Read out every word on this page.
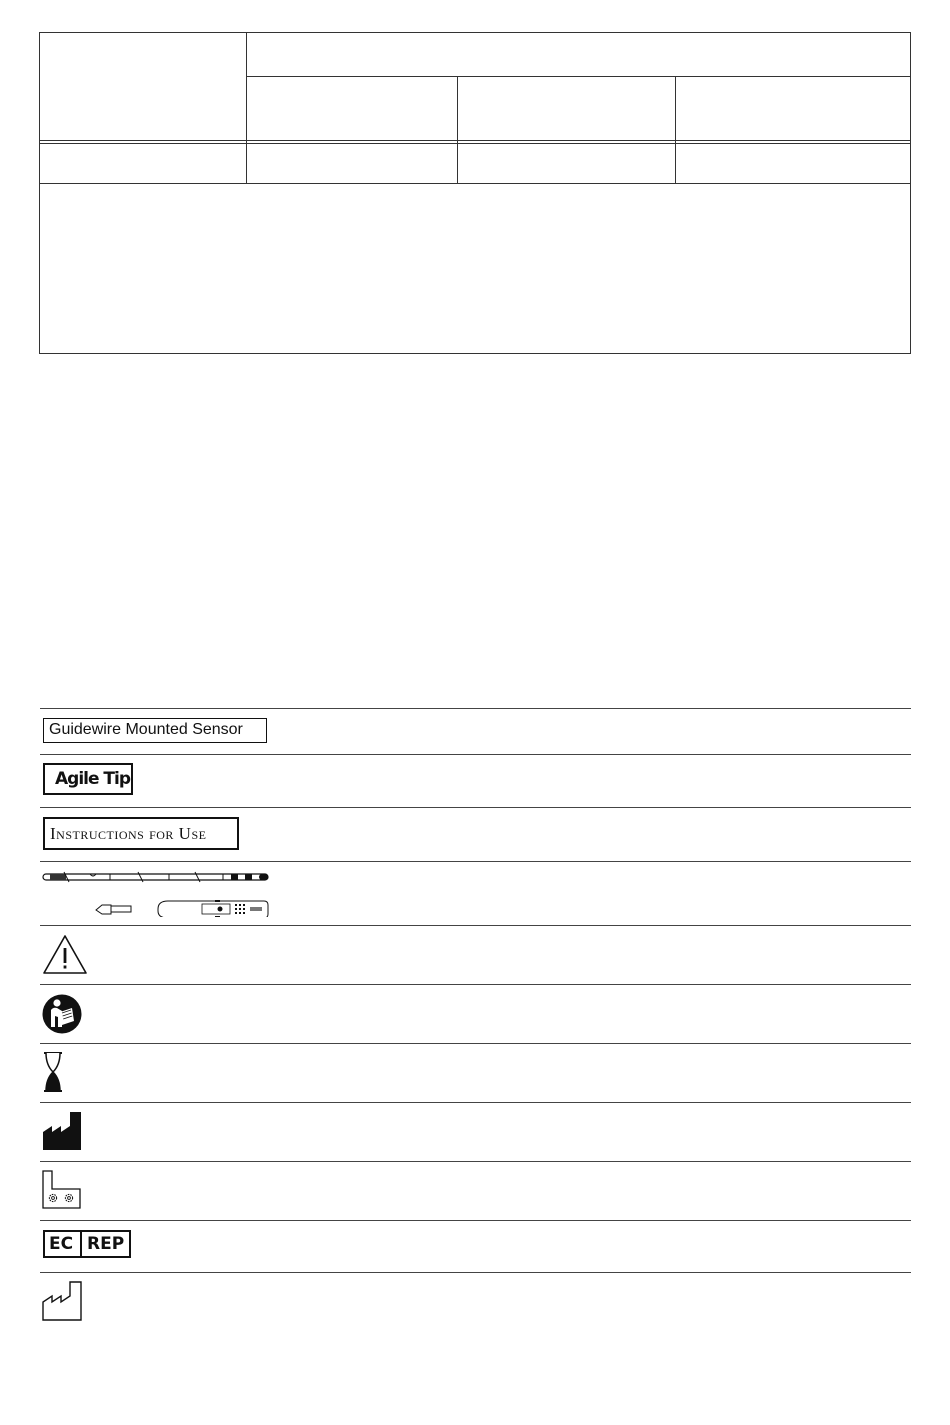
Guidewire Mounted Sensor
Agile Tip
Instructions for Use
EC REP
